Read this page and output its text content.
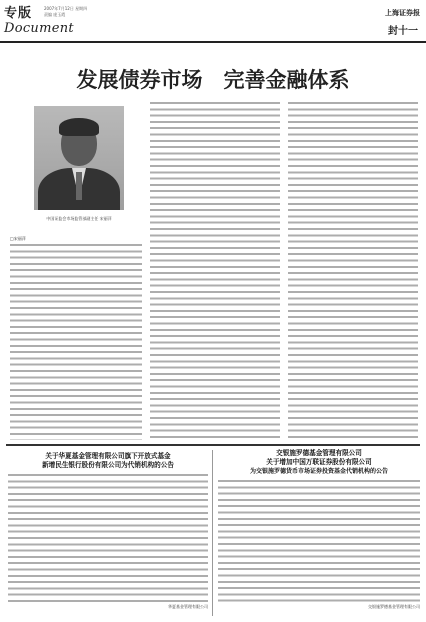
专版	2007年7月12日 星期四
责编 庞玉霞
Document
上海证券报
封十一
发展债券市场　完善金融体系
中国证监会市场监管部副主任 宋丽萍
□宋丽萍
关于华夏基金管理有限公司旗下开放式基金
新增民生银行股份有限公司为代销机构的公告
华夏基金管理有限公司
交银施罗德基金管理有限公司
关于增加中国万联证券股份有限公司
为交银施罗德货币市场证券投资基金代销机构的公告
交银施罗德基金管理有限公司
